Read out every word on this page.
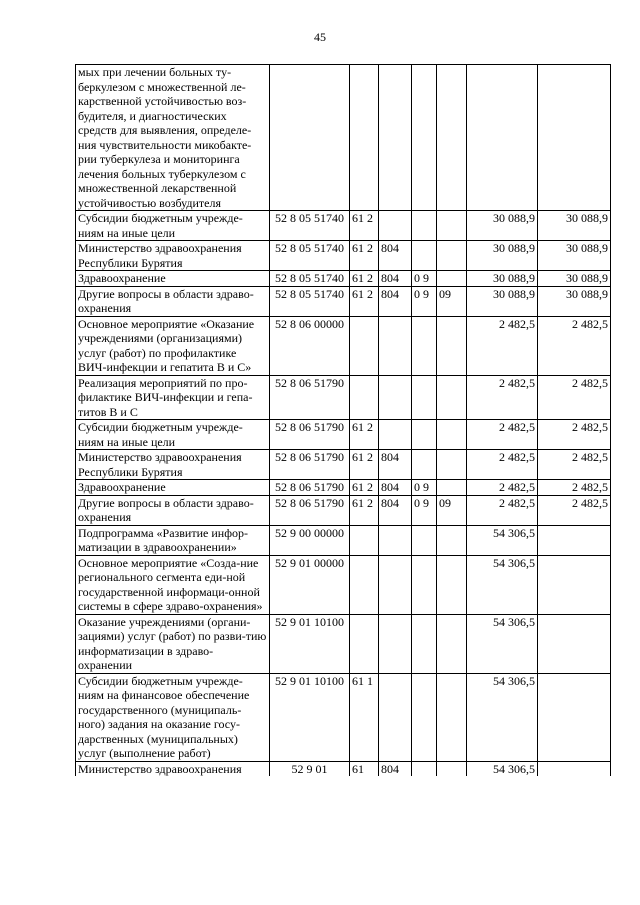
45
мых при лечении больных ту-беркулезом с множественной ле-карственной устойчивостью воз-будителя, и диагностических средств для выявления, определе-ния чувствительности микобакте-рии туберкулеза и мониторинга лечения больных туберкулезом с множественной лекарственной устойчивостью возбудителя							
Субсидии бюджетным учрежде-ниям на иные цели	52 8 05 51740	61 2				30 088,9	30 088,9
Министерство здравоохранения Республики Бурятия	52 8 05 51740	61 2	804			30 088,9	30 088,9
Здравоохранение	52 8 05 51740	61 2	804	0 9		30 088,9	30 088,9
Другие вопросы в области здраво-охранения	52 8 05 51740	61 2	804	0 9	09	30 088,9	30 088,9
Основное мероприятие «Оказание учреждениями (организациями) услуг (работ) по профилактике ВИЧ-инфекции и гепатита В и С»	52 8 06 00000					2 482,5	2 482,5
Реализация мероприятий по про-филактике ВИЧ-инфекции и гепа-титов В и С	52 8 06 51790					2 482,5	2 482,5
Субсидии бюджетным учрежде-ниям на иные цели	52 8 06 51790	61 2				2 482,5	2 482,5
Министерство здравоохранения Республики Бурятия	52 8 06 51790	61 2	804			2 482,5	2 482,5
Здравоохранение	52 8 06 51790	61 2	804	0 9		2 482,5	2 482,5
Другие вопросы в области здраво-охранения	52 8 06 51790	61 2	804	0 9	09	2 482,5	2 482,5
Подпрограмма «Развитие инфор-матизации в здравоохранении»	52 9 00 00000					54 306,5	
Основное мероприятие «Созда-ние регионального сегмента еди-ной государственной информаци-онной системы в сфере здраво-охранения»	52 9 01 00000					54 306,5	
Оказание учреждениями (органи-зациями) услуг (работ) по разви-тию информатизации в здраво-охранении	52 9 01 10100					54 306,5	
Субсидии бюджетным учрежде-ниям на финансовое обеспечение государственного (муниципаль-ного) задания на оказание госу-дарственных (муниципальных) услуг (выполнение работ)	52 9 01 10100	61 1				54 306,5	
Министерство здравоохранения	52 9 01	61	804			54 306,5	
